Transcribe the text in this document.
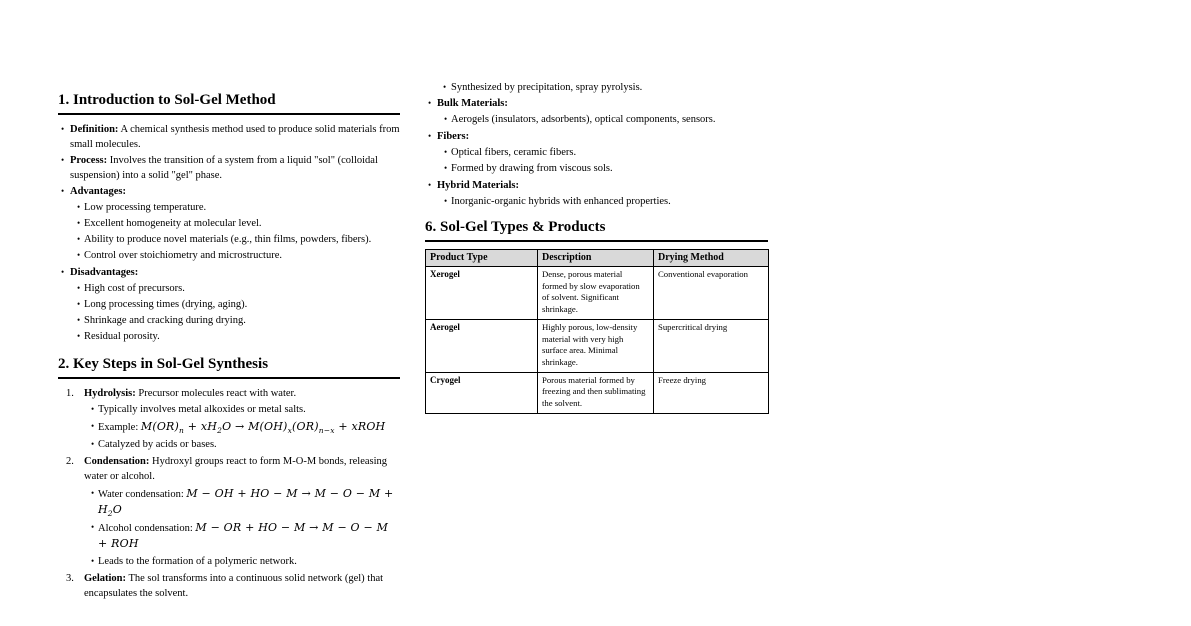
1. Introduction to Sol-Gel Method
• Definition: A chemical synthesis method used to produce solid materials from small molecules.
• Process: Involves the transition of a system from a liquid "sol" (colloidal suspension) into a solid "gel" phase.
• Advantages:
• Low processing temperature.
• Excellent homogeneity at molecular level.
• Ability to produce novel materials (e.g., thin films, powders, fibers).
• Control over stoichiometry and microstructure.
• Disadvantages:
• High cost of precursors.
• Long processing times (drying, aging).
• Shrinkage and cracking during drying.
• Residual porosity.
2. Key Steps in Sol-Gel Synthesis
1. Hydrolysis: Precursor molecules react with water.
• Typically involves metal alkoxides or metal salts.
• Example: $M(OR)_n + xH_2O \to M(OH)_x(OR)_{n-x}$ + xROH
• Catalyzed by acids or bases.
2. Condensation: Hydroxyl groups react to form M-O-M bonds, releasing water or alcohol.
• Water condensation: M − OH + HO − $M \to M - O - M + H_2O$
• Alcohol condensation: M − OR + HO − M → M − O − M + ROH
• Leads to the formation of a polymeric network.
3. Gelation: The sol transforms into a continuous solid network (gel) that encapsulates the solvent.
• Synthesized by precipitation, spray pyrolysis.
• Bulk Materials:
• Aerogels (insulators, adsorbents), optical components, sensors.
• Fibers:
• Optical fibers, ceramic fibers.
• Formed by drawing from viscous sols.
• Hybrid Materials:
• Inorganic-organic hybrids with enhanced properties.
6. Sol-Gel Types & Products
Product Type	Description	Drying Method
Xerogel	Dense, porous material formed by slow evaporation of solvent. Significant shrinkage.	Conventional evaporation
Aerogel	Highly porous, low-density material with very high surface area. Minimal shrinkage.	Supercritical drying
Cryogel	Porous material formed by freezing and then sublimating the solvent.	Freeze drying
